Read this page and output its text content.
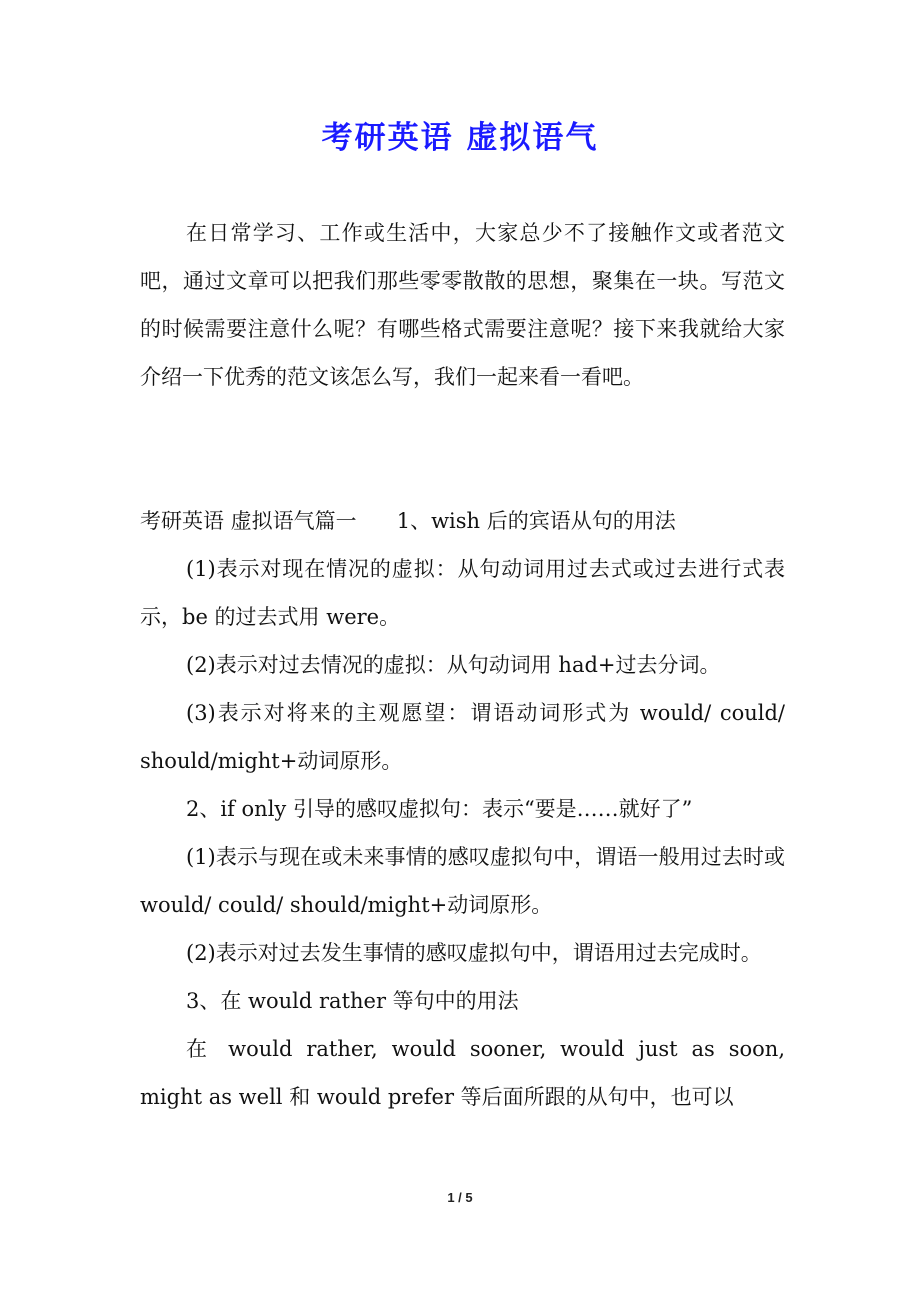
考研英语 虚拟语气

在日常学习、工作或生活中，大家总少不了接触作文或者范文吧，通过文章可以把我们那些零零散散的思想，聚集在一块。写范文的时候需要注意什么呢？有哪些格式需要注意呢？接下来我就给大家介绍一下优秀的范文该怎么写，我们一起来看一看吧。

考研英语 虚拟语气篇一      1、wish 后的宾语从句的用法

(1)表示对现在情况的虚拟：从句动词用过去式或过去进行式表示，be 的过去式用 were。

(2)表示对过去情况的虚拟：从句动词用 had+过去分词。

(3)表示对将来的主观愿望：谓语动词形式为 would/ could/ should/might+动词原形。

2、if only 引导的感叹虚拟句：表示“要是……就好了”

(1)表示与现在或未来事情的感叹虚拟句中，谓语一般用过去时或 would/ could/ should/might+动词原形。

(2)表示对过去发生事情的感叹虚拟句中，谓语用过去完成时。

3、在 would rather 等句中的用法

在 would rather, would sooner, would just as soon, might as well 和 would prefer 等后面所跟的从句中，也可以

1 / 5
